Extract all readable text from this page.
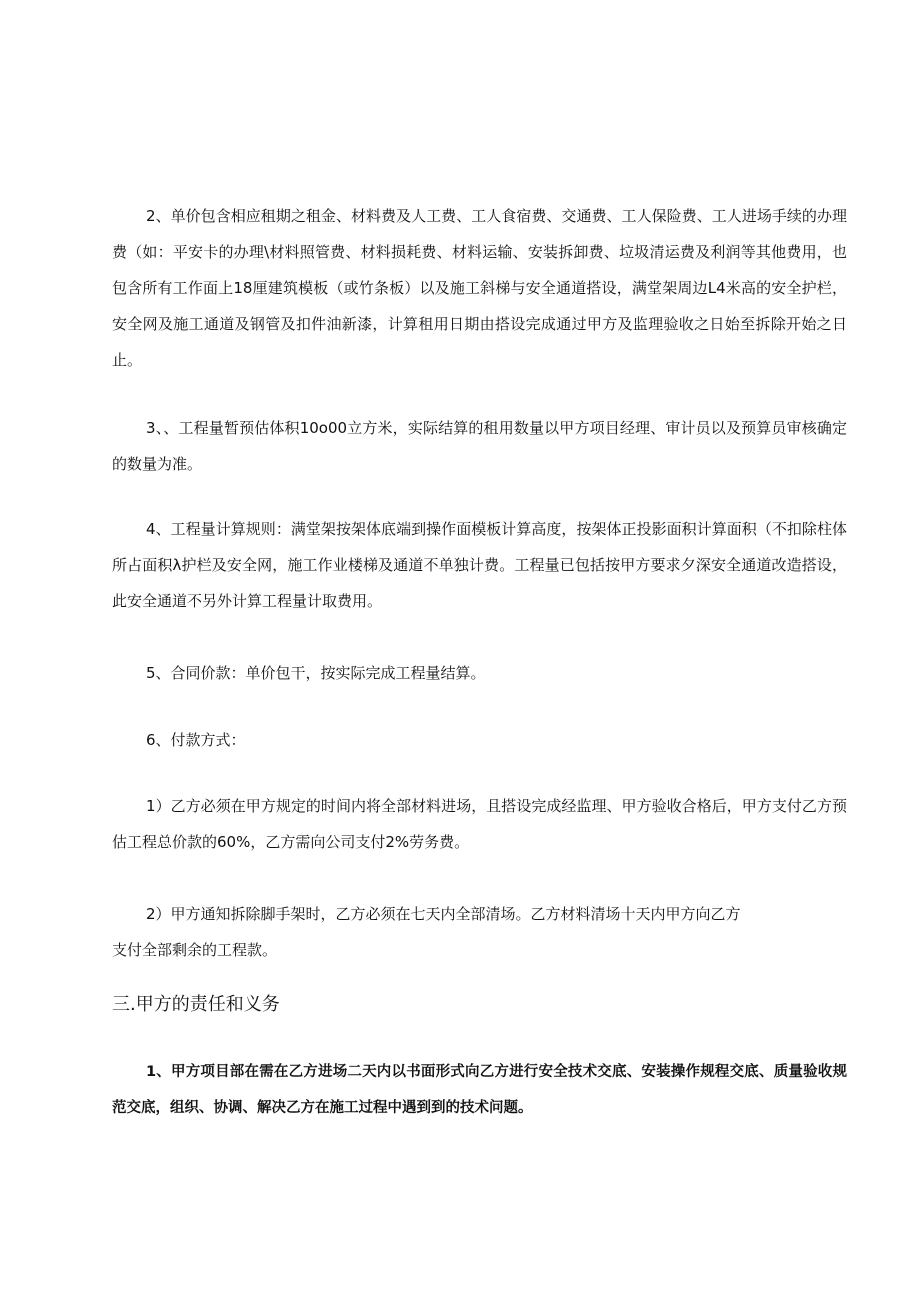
2、单价包含相应租期之租金、材料费及人工费、工人食宿费、交通费、工人保险费、工人进场手续的办理费（如：平安卡的办理\材料照管费、材料损耗费、材料运输、安装拆卸费、垃圾清运费及利润等其他费用，也包含所有工作面上18厘建筑模板（或竹条板）以及施工斜梯与安全通道搭设，满堂架周边L4米高的安全护栏，安全网及施工通道及钢管及扣件油新漆，计算租用日期由搭设完成通过甲方及监理验收之日始至拆除开始之日止。

3、、工程量暂预估体积10o00立方米，实际结算的租用数量以甲方项目经理、审计员以及预算员审核确定的数量为准。

4、工程量计算规则：满堂架按架体底端到操作面模板计算高度，按架体正投影面积计算面积（不扣除柱体所占面积λ护栏及安全网，施工作业楼梯及通道不单独计费。工程量已包括按甲方要求夕深安全通道改造搭设，此安全通道不另外计算工程量计取费用。

5、合同价款：单价包干，按实际完成工程量结算。

6、付款方式：

1）乙方必须在甲方规定的时间内将全部材料进场，且搭设完成经监理、甲方验收合格后，甲方支付乙方预估工程总价款的60%，乙方需向公司支付2%劳务费。

2）甲方通知拆除脚手架时，乙方必须在七天内全部清场。乙方材料清场十天内甲方向乙方

支付全部剩余的工程款。

三.甲方的责任和义务

1、甲方项目部在需在乙方进场二天内以书面形式向乙方进行安全技术交底、安装操作规程交底、质量验收规范交底，组织、协调、解决乙方在施工过程中遇到到的技术问题。
